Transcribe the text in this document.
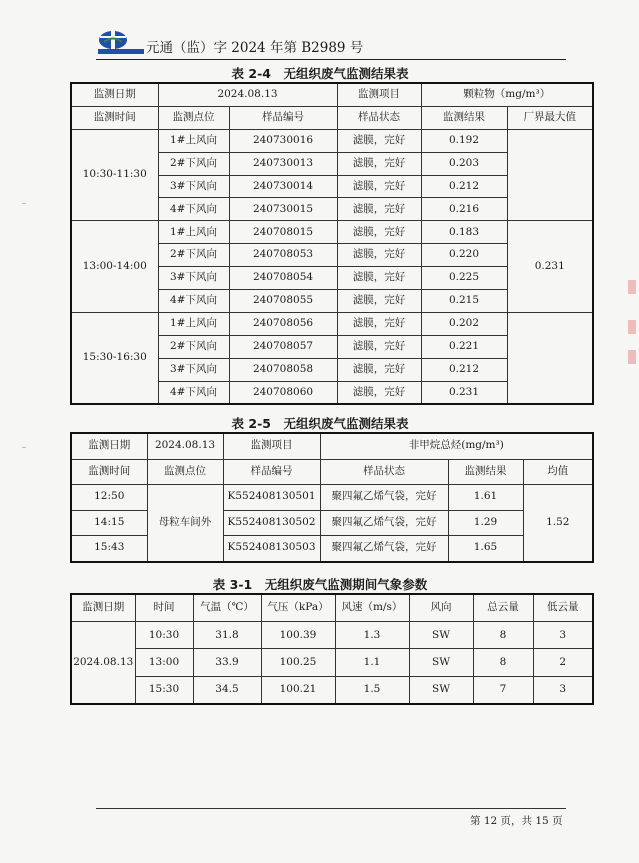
元通（监）字 2024 年第 B2989 号
表 2-4　无组织废气监测结果表
监测日期	2024.08.13		监测项目	颗粒物（mg/m³）	
监测时间	监测点位	样品编号	样品状态	监测结果	厂界最大值
10:30-11:30	1#上风向	240730016	滤膜，完好	0.192	
	2#下风向	240730013	滤膜，完好	0.203	
	3#下风向	240730014	滤膜，完好	0.212	
	4#下风向	240730015	滤膜，完好	0.216	
13:00-14:00	1#上风向	240708015	滤膜，完好	0.183	0.231
	2#下风向	240708053	滤膜，完好	0.220	
	3#下风向	240708054	滤膜，完好	0.225	
	4#下风向	240708055	滤膜，完好	0.215	
15:30-16:30	1#上风向	240708056	滤膜，完好	0.202	
	2#下风向	240708057	滤膜，完好	0.221	
	3#下风向	240708058	滤膜，完好	0.212	
	4#下风向	240708060	滤膜，完好	0.231	
表 2-5　无组织废气监测结果表
监测日期	2024.08.13	监测项目	非甲烷总烃(mg/m³)		
监测时间	监测点位	样品编号	样品状态	监测结果	均值
12:50	母粒车间外	K552408130501	聚四氟乙烯气袋，完好	1.61	1.52
14:15		K552408130502	聚四氟乙烯气袋，完好	1.29	
15:43		K552408130503	聚四氟乙烯气袋，完好	1.65	
表 3-1　无组织废气监测期间气象参数
监测日期	时间	气温（℃）	气压（kPa）	风速（m/s）	风向	总云量	低云量
2024.08.13	10:30	31.8	100.39	1.3	SW	8	3
	13:00	33.9	100.25	1.1	SW	8	2
	15:30	34.5	100.21	1.5	SW	7	3
第 12 页，共 15 页
